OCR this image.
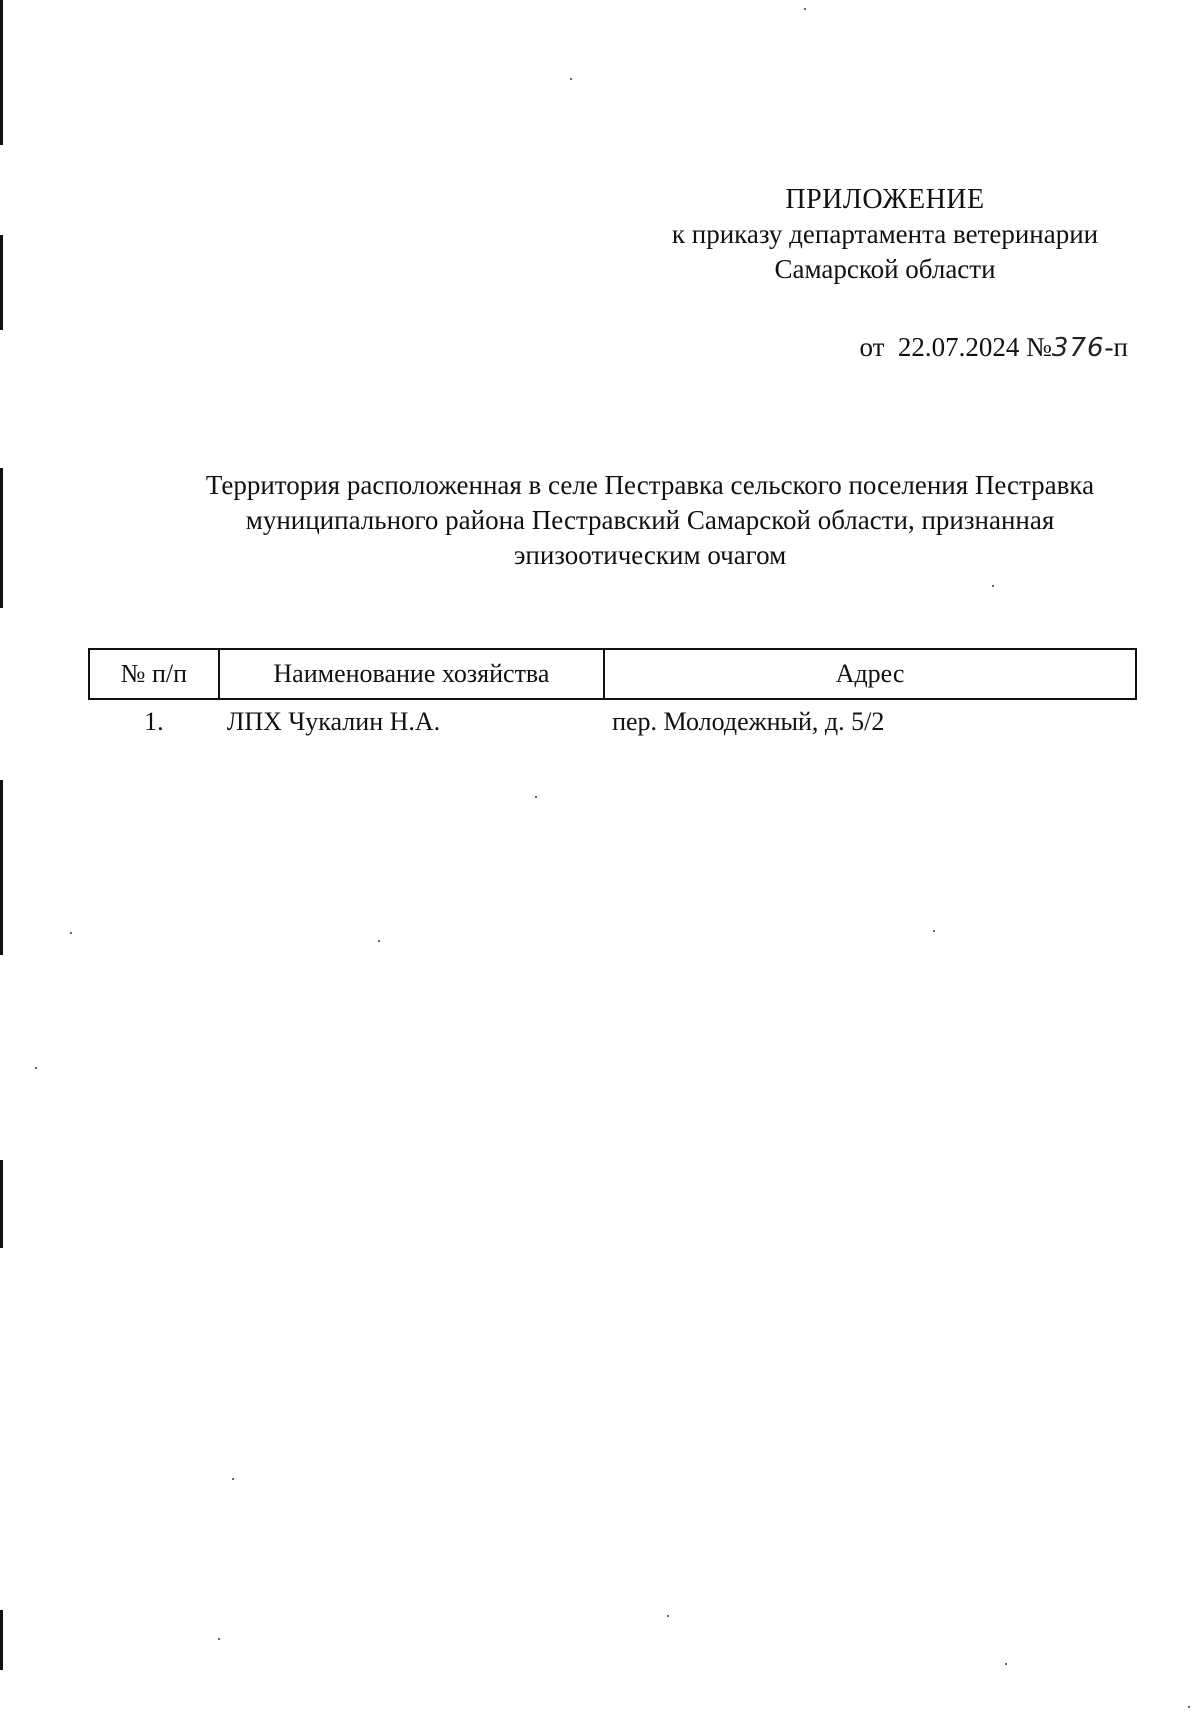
ПРИЛОЖЕНИЕ
к приказу департамента ветеринарии
Самарской области
от 22.07.2024 №376-п
Территория расположенная в селе Пестравка сельского поселения Пестравка
муниципального района Пестравский Самарской области, признанная
эпизоотическим очагом
№ п/п	Наименование хозяйства	Адрес
1.	ЛПХ Чукалин Н.А.	пер. Молодежный, д. 5/2
